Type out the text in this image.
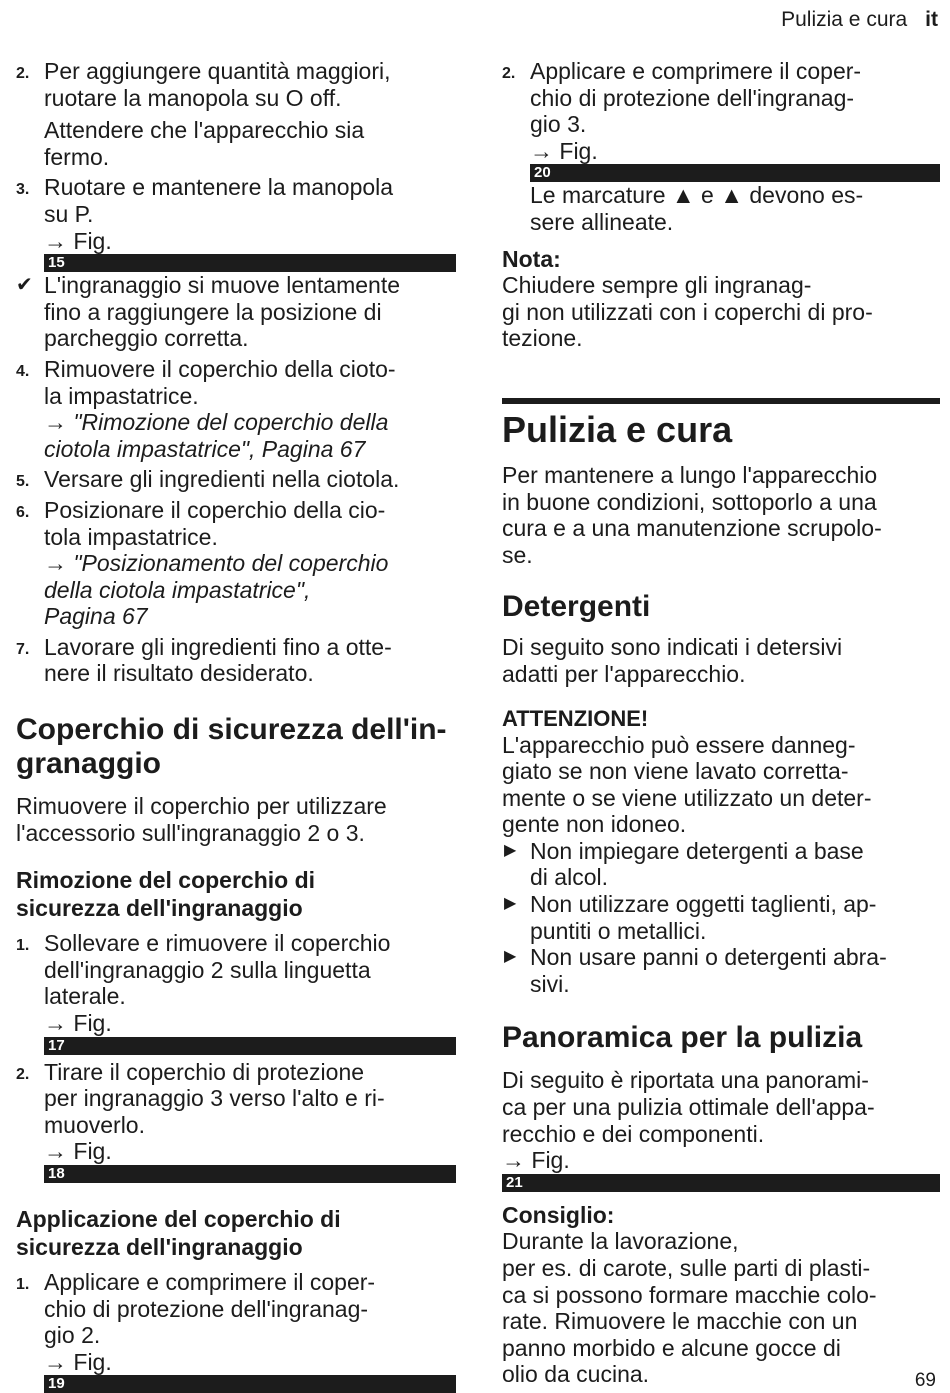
Pulizia e cura it
2. Per aggiungere quantità maggiori,
ruotare la manopola su O off.
Attendere che l'apparecchio sia
fermo.
3. Ruotare e mantenere la manopola
su P.
→ Fig.
15
✔ L'ingranaggio si muove lentamente
fino a raggiungere la posizione di
parcheggio corretta.
4. Rimuovere il coperchio della cioto-
la impastatrice.
→ "Rimozione del coperchio della
ciotola impastatrice", Pagina 67
5. Versare gli ingredienti nella ciotola.
6. Posizionare il coperchio della cio-
tola impastatrice.
→ "Posizionamento del coperchio
della ciotola impastatrice",
Pagina 67
7. Lavorare gli ingredienti fino a otte-
nere il risultato desiderato.
Coperchio di sicurezza dell'in-
granaggio
Rimuovere il coperchio per utilizzare
l'accessorio sull'ingranaggio 2 o 3.
Rimozione del coperchio di
sicurezza dell'ingranaggio
1. Sollevare e rimuovere il coperchio
dell'ingranaggio 2 sulla linguetta
laterale.
→ Fig.
17
2. Tirare il coperchio di protezione
per ingranaggio 3 verso l'alto e ri-
muoverlo.
→ Fig.
18
Applicazione del coperchio di
sicurezza dell'ingranaggio
1. Applicare e comprimere il coper-
chio di protezione dell'ingranag-
gio 2.
→ Fig.
19
2. Applicare e comprimere il coper-
chio di protezione dell'ingranag-
gio 3.
→ Fig.
20
Le marcature ▲ e ▲ devono es-
sere allineate.
Nota:
Chiudere sempre gli ingranag-
gi non utilizzati con i coperchi di pro-
tezione.
Pulizia e cura
Per mantenere a lungo l'apparecchio
in buone condizioni, sottoporlo a una
cura e a una manutenzione scrupolo-
se.
Detergenti
Di seguito sono indicati i detersivi
adatti per l'apparecchio.
ATTENZIONE!
L'apparecchio può essere danneg-
giato se non viene lavato corretta-
mente o se viene utilizzato un deter-
gente non idoneo.
▶ Non impiegare detergenti a base
di alcol.
▶ Non utilizzare oggetti taglienti, ap-
puntiti o metallici.
▶ Non usare panni o detergenti abra-
sivi.
Panoramica per la pulizia
Di seguito è riportata una panorami-
ca per una pulizia ottimale dell'appa-
recchio e dei componenti.
→ Fig.
21
Consiglio:
Durante la lavorazione,
per es. di carote, sulle parti di plasti-
ca si possono formare macchie colo-
rate. Rimuovere le macchie con un
panno morbido e alcune gocce di
olio da cucina.	69
